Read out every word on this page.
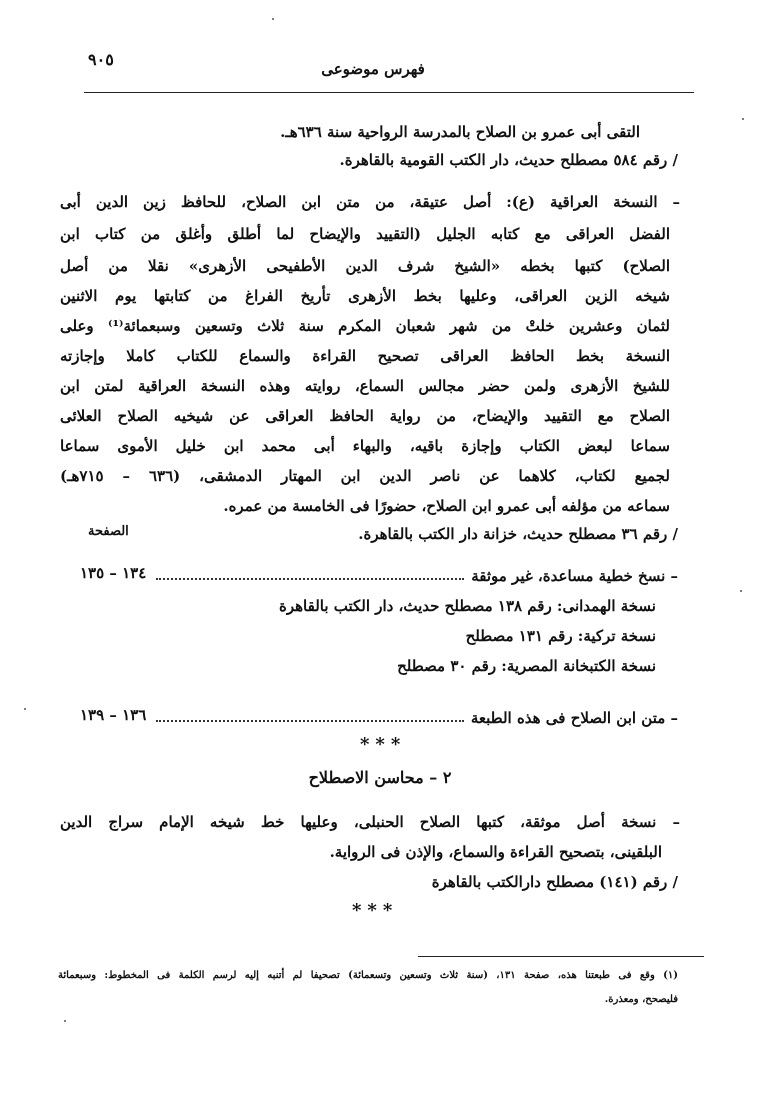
٩٠٥	فهرس موضوعى
التقى أبى عمرو بن الصلاح بالمدرسة الرواحية سنة ٦٣٦هـ.
/ رقم ٥٨٤ مصطلح حديث، دار الكتب القومية بالقاهرة.
– النسخة العراقية (ع): أصل عتيقة، من متن ابن الصلاح، للحافظ زين الدين أبى
الفضل العراقى مع كتابه الجليل (التقييد والإيضاح لما أطلق وأغلق من كتاب ابن
الصلاح) كتبها بخطه «الشيخ شرف الدين الأطفيحى الأزهرى» نقلا من أصل
شيخه الزين العراقى، وعليها بخط الأزهرى تأريخ الفراغ من كتابتها يوم الاثنين
لثمان وعشرين خلتْ من شهر شعبان المكرم سنة ثلاث وتسعين وسبعمائة⁽¹⁾ وعلى
النسخة بخط الحافظ العراقى تصحيح القراءة والسماع للكتاب كاملا وإجازته
للشيخ الأزهرى ولمن حضر مجالس السماع، روايته وهذه النسخة العراقية لمتن ابن
الصلاح مع التقييد والإيضاح، من رواية الحافظ العراقى عن شيخيه الصلاح العلائى
سماعا لبعض الكتاب وإجازة باقيه، والبهاء أبى محمد ابن خليل الأموى سماعا
لجميع لكتاب، كلاهما عن ناصر الدين ابن المهتار الدمشقى، (٦٣٦ – ٧١٥هـ)
سماعه من مؤلفه أبى عمرو ابن الصلاح، حضورًا فى الخامسة من عمره.
/ رقم ٣٦ مصطلح حديث، خزانة دار الكتب بالقاهرة.
الصفحة
– نسخ خطية مساعدة، غير موثقة
١٣٤ – ١٣٥
نسخة الهمدانى: رقم ١٣٨ مصطلح حديث، دار الكتب بالقاهرة
نسخة تركية: رقم ١٣١ مصطلح
نسخة الكتبخانة المصرية: رقم ٣٠ مصطلح
– متن ابن الصلاح فى هذه الطبعة
١٣٦ – ١٣٩
***
٢ – محاسن الاصطلاح
– نسخة أصل موثقة، كتبها الصلاح الحنبلى، وعليها خط شيخه الإمام سراج الدين
البلقينى، بتصحيح القراءة والسماع، والإذن فى الرواية.
/ رقم (١٤١) مصطلح دارالكتب بالقاهرة
***
(١) وقع فى طبعتنا هذه، صفحة ١٣١، (سنة ثلاث وتسعين وتسعمائة) تصحيفا لم أتنبه إليه لرسم الكلمة فى المخطوط: وسبعمائة
فليصحح، ومعذرة.
